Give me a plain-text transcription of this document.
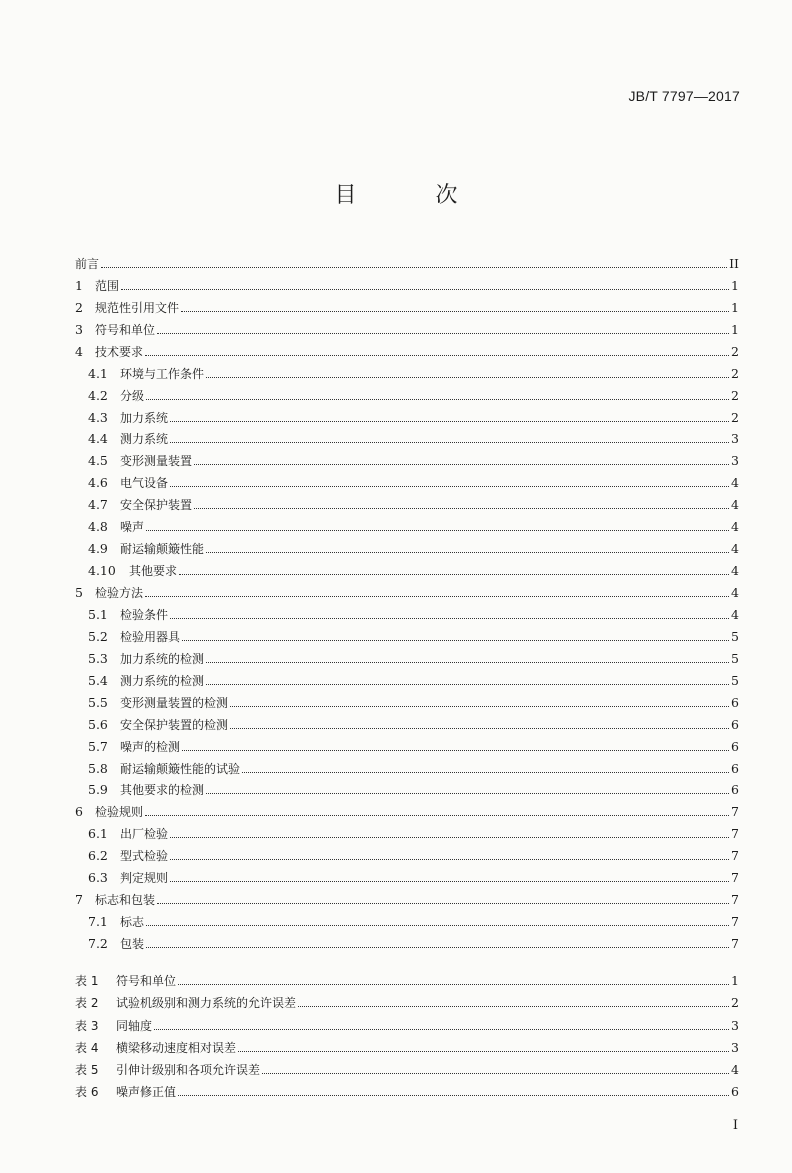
JB/T 7797—2017
目 次
前言	II
1	范围	1
2	规范性引用文件	1
3	符号和单位	1
4	技术要求	2
4.1	环境与工作条件	2
4.2	分级	2
4.3	加力系统	2
4.4	测力系统	3
4.5	变形测量装置	3
4.6	电气设备	4
4.7	安全保护装置	4
4.8	噪声	4
4.9	耐运输颠簸性能	4
4.10	其他要求	4
5	检验方法	4
5.1	检验条件	4
5.2	检验用器具	5
5.3	加力系统的检测	5
5.4	测力系统的检测	5
5.5	变形测量装置的检测	6
5.6	安全保护装置的检测	6
5.7	噪声的检测	6
5.8	耐运输颠簸性能的试验	6
5.9	其他要求的检测	6
6	检验规则	7
6.1	出厂检验	7
6.2	型式检验	7
6.3	判定规则	7
7	标志和包装	7
7.1	标志	7
7.2	包装	7
表 1	符号和单位	1
表 2	试验机级别和测力系统的允许误差	2
表 3	同轴度	3
表 4	横梁移动速度相对误差	3
表 5	引伸计级别和各项允许误差	4
表 6	噪声修正值	6
I
